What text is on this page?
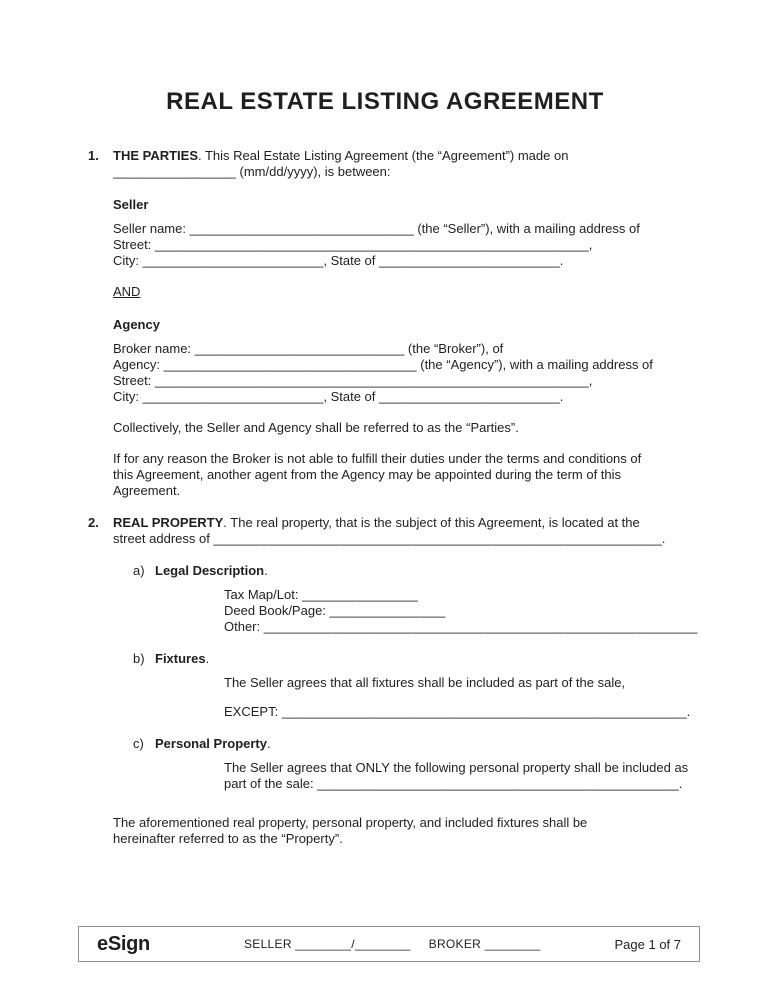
REAL ESTATE LISTING AGREEMENT
1.	THE PARTIES. This Real Estate Listing Agreement (the “Agreement”) made on
_________________ (mm/dd/yyyy), is between:
Seller
Seller name: _______________________________ (the “Seller”), with a mailing address of
Street: ____________________________________________________________,
City: _________________________, State of _________________________.
AND
Agency
Broker name: _____________________________ (the “Broker”), of
Agency: ___________________________________ (the “Agency”), with a mailing address of
Street: ____________________________________________________________,
City: _________________________, State of _________________________.
Collectively, the Seller and Agency shall be referred to as the “Parties”.
If for any reason the Broker is not able to fulfill their duties under the terms and conditions of
this Agreement, another agent from the Agency may be appointed during the term of this
Agreement.
2.	REAL PROPERTY. The real property, that is the subject of this Agreement, is located at the
street address of ______________________________________________________________.
a) Legal Description.
Tax Map/Lot: ________________
Deed Book/Page: ________________
Other: ____________________________________________________________
b) Fixtures.
The Seller agrees that all fixtures shall be included as part of the sale,
EXCEPT: ________________________________________________________.
c) Personal Property.
The Seller agrees that ONLY the following personal property shall be included as
part of the sale: __________________________________________________.
The aforementioned real property, personal property, and included fixtures shall be
hereinafter referred to as the “Property”.
eSign	SELLER ________/________ BROKER ________	Page 1 of 7
